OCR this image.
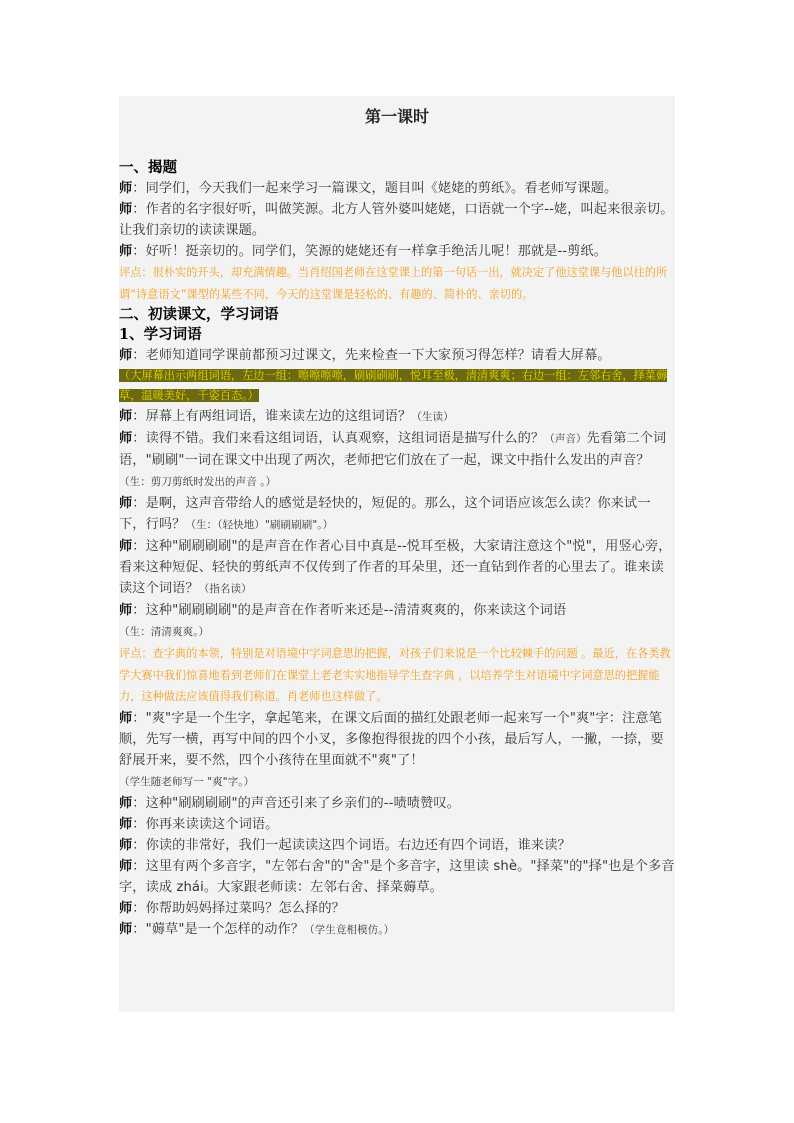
第一课时
一、揭题
师：同学们，今天我们一起来学习一篇课文，题目叫《姥姥的剪纸》。看老师写课题。
师：作者的名字很好听，叫做笑源。北方人管外婆叫姥姥，口语就一个字--姥，叫起来很亲切。让我们亲切的读读课题。
师：好听！挺亲切的。同学们，笑源的姥姥还有一样拿手绝活儿呢！那就是--剪纸。
评点：很朴实的开头，却充满情趣。当肖绍国老师在这堂课上的第一句话一出，就决定了他这堂课与他以往的所谓“诗意语文”课型的某些不同，今天的这堂课是轻松的、有趣的、简朴的、亲切的。
二、初读课文，学习词语
1、学习词语
师：老师知道同学课前都预习过课文，先来检查一下大家预习得怎样？请看大屏幕。
（大屏幕出示两组词语，左边一组：嚓嚓嚓嚓，刷刷刷刷，悦耳至极，清清爽爽；右边一组：左邻右舍，择菜薅草，温暖美好，千姿百态。）
师：屏幕上有两组词语，谁来读左边的这组词语？（生读）
师：读得不错。我们来看这组词语，认真观察，这组词语是描写什么的？（声音）先看第二个词语，"刷刷"一词在课文中出现了两次，老师把它们放在了一起，课文中指什么发出的声音？（生：剪刀剪纸时发出的声音 。）
师：是啊，这声音带给人的感觉是轻快的，短促的。那么，这个词语应该怎么读？你来试一下，行吗？（生：（轻快地）"刷刷刷刷"。）
师：这种"刷刷刷刷"的是声音在作者心目中真是--悦耳至极，大家请注意这个"悦"，用竖心旁，看来这种短促、轻快的剪纸声不仅传到了作者的耳朵里，还一直钻到作者的心里去了。谁来读读这个词语？（指名读）
师：这种"刷刷刷刷"的是声音在作者听来还是--清清爽爽的，你来读这个词语
（生：清清爽爽。）
评点：查字典的本领，特别是对语境中字词意思的把握，对孩子们来说是一个比较棘手的问题 。最近，在各类教学大赛中我们惊喜地看到老师们在课堂上老老实实地指导学生查字典 ，以培养学生对语境中字词意思的把握能力，这种做法应该值得我们称道。肖老师也这样做了。
师："爽"字是一个生字，拿起笔来，在课文后面的描红处跟老师一起来写一个"爽"字：注意笔顺，先写一横，再写中间的四个小叉，多像抱得很拢的四个小孩，最后写人，一撇，一捺，要舒展开来，要不然，四个小孩待在里面就不"爽"了！
（学生随老师写一 "爽"字。）
师：这种"刷刷刷刷"的声音还引来了乡亲们的--啧啧赞叹。
师：你再来读读这个词语。
师：你读的非常好，我们一起读读这四个词语。右边还有四个词语，谁来读？
师：这里有两个多音字，"左邻右舍"的"舍"是个多音字，这里读 shè。"择菜"的"择"也是个多音字，读成 zhái。大家跟老师读：左邻右舍、择菜薅草。
师：你帮助妈妈择过菜吗？怎么择的？
师："薅草"是一个怎样的动作？（学生竟相模仿。）
